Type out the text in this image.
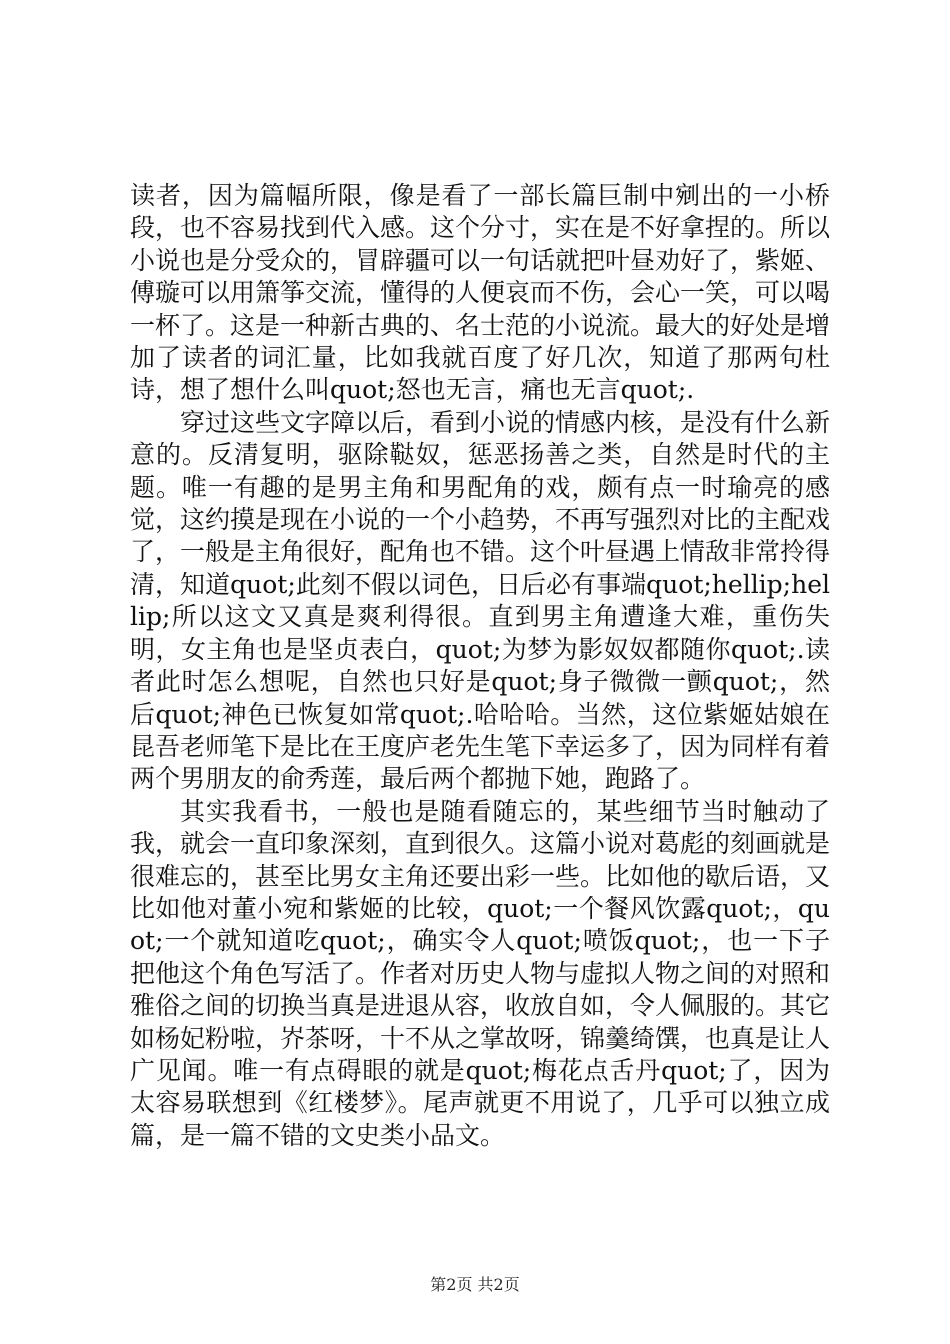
读者，因为篇幅所限，像是看了一部长篇巨制中剜出的一小桥段，也不容易找到代入感。这个分寸，实在是不好拿捏的。所以小说也是分受众的，冒辟疆可以一句话就把叶昼劝好了，紫姬、傅璇可以用箫筝交流，懂得的人便哀而不伤，会心一笑，可以喝一杯了。这是一种新古典的、名士范的小说流。最大的好处是增加了读者的词汇量，比如我就百度了好几次，知道了那两句杜诗，想了想什么叫quot;怒也无言，痛也无言quot;.

穿过这些文字障以后，看到小说的情感内核，是没有什么新意的。反清复明，驱除鞑奴，惩恶扬善之类，自然是时代的主题。唯一有趣的是男主角和男配角的戏，颇有点一时瑜亮的感觉，这约摸是现在小说的一个小趋势，不再写强烈对比的主配戏了，一般是主角很好，配角也不错。这个叶昼遇上情敌非常拎得清，知道quot;此刻不假以词色，日后必有事端quot;hellip;hellip;所以这文又真是爽利得很。直到男主角遭逢大难，重伤失明，女主角也是坚贞表白，quot;为梦为影奴奴都随你quot;.读者此时怎么想呢，自然也只好是quot;身子微微一颤quot;，然后quot;神色已恢复如常quot;.哈哈哈。当然，这位紫姬姑娘在昆吾老师笔下是比在王度庐老先生笔下幸运多了，因为同样有着两个男朋友的俞秀莲，最后两个都抛下她，跑路了。

其实我看书，一般也是随看随忘的，某些细节当时触动了我，就会一直印象深刻，直到很久。这篇小说对葛彪的刻画就是很难忘的，甚至比男女主角还要出彩一些。比如他的歇后语，又比如他对董小宛和紫姬的比较，quot;一个餐风饮露quot;，quot;一个就知道吃quot;，确实令人quot;喷饭quot;，也一下子把他这个角色写活了。作者对历史人物与虚拟人物之间的对照和雅俗之间的切换当真是进退从容，收放自如，令人佩服的。其它如杨妃粉啦，岕茶呀，十不从之掌故呀，锦羹绮馔，也真是让人广见闻。唯一有点碍眼的就是quot;梅花点舌丹quot;了，因为太容易联想到《红楼梦》。尾声就更不用说了，几乎可以独立成篇，是一篇不错的文史类小品文。

第2页 共2页
